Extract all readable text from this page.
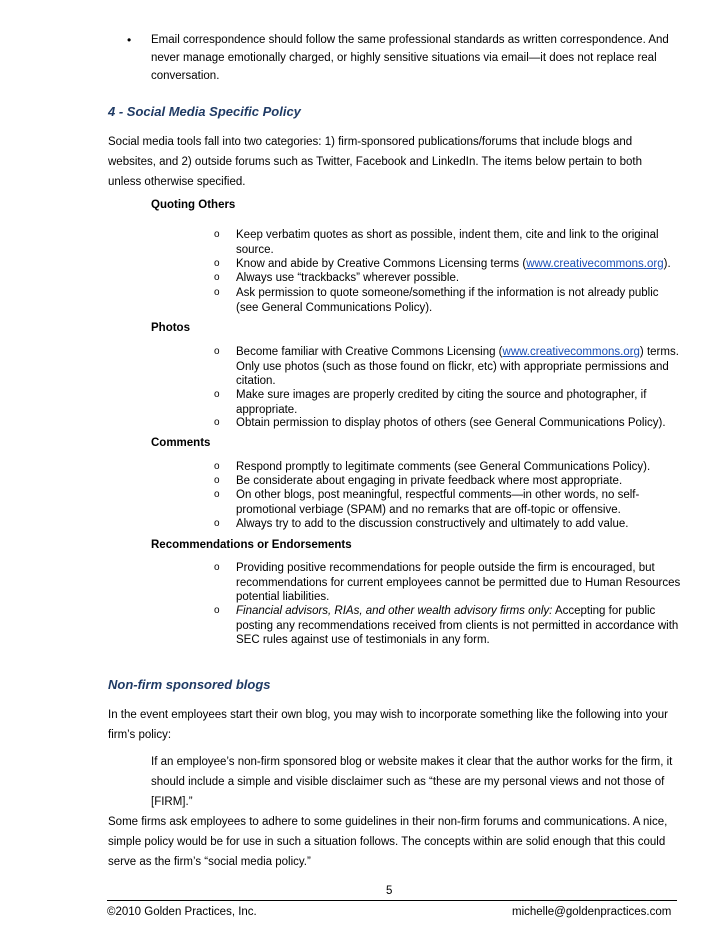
• Email correspondence should follow the same professional standards as written correspondence. And never manage emotionally charged, or highly sensitive situations via email—it does not replace real conversation.
4 - Social Media Specific Policy
Social media tools fall into two categories: 1) firm-sponsored publications/forums that include blogs and websites, and 2) outside forums such as Twitter, Facebook and LinkedIn. The items below pertain to both unless otherwise specified.
Quoting Others
o Keep verbatim quotes as short as possible, indent them, cite and link to the original source.
o Know and abide by Creative Commons Licensing terms (www.creativecommons.org).
o Always use “trackbacks” wherever possible.
o Ask permission to quote someone/something if the information is not already public (see General Communications Policy).
Photos
o Become familiar with Creative Commons Licensing (www.creativecommons.org) terms. Only use photos (such as those found on flickr, etc) with appropriate permissions and citation.
o Make sure images are properly credited by citing the source and photographer, if appropriate.
o Obtain permission to display photos of others (see General Communications Policy).
Comments
o Respond promptly to legitimate comments (see General Communications Policy).
o Be considerate about engaging in private feedback where most appropriate.
o On other blogs, post meaningful, respectful comments—in other words, no self-promotional verbiage (SPAM) and no remarks that are off-topic or offensive.
o Always try to add to the discussion constructively and ultimately to add value.
Recommendations or Endorsements
o Providing positive recommendations for people outside the firm is encouraged, but recommendations for current employees cannot be permitted due to Human Resources potential liabilities.
o Financial advisors, RIAs, and other wealth advisory firms only: Accepting for public posting any recommendations received from clients is not permitted in accordance with SEC rules against use of testimonials in any form.
Non-firm sponsored blogs
In the event employees start their own blog, you may wish to incorporate something like the following into your firm’s policy:
If an employee’s non-firm sponsored blog or website makes it clear that the author works for the firm, it should include a simple and visible disclaimer such as “these are my personal views and not those of [FIRM].”
Some firms ask employees to adhere to some guidelines in their non-firm forums and communications. A nice, simple policy would be for use in such a situation follows. The concepts within are solid enough that this could serve as the firm’s “social media policy.”
5
©2010 Golden Practices, Inc.	michelle@goldenpractices.com
